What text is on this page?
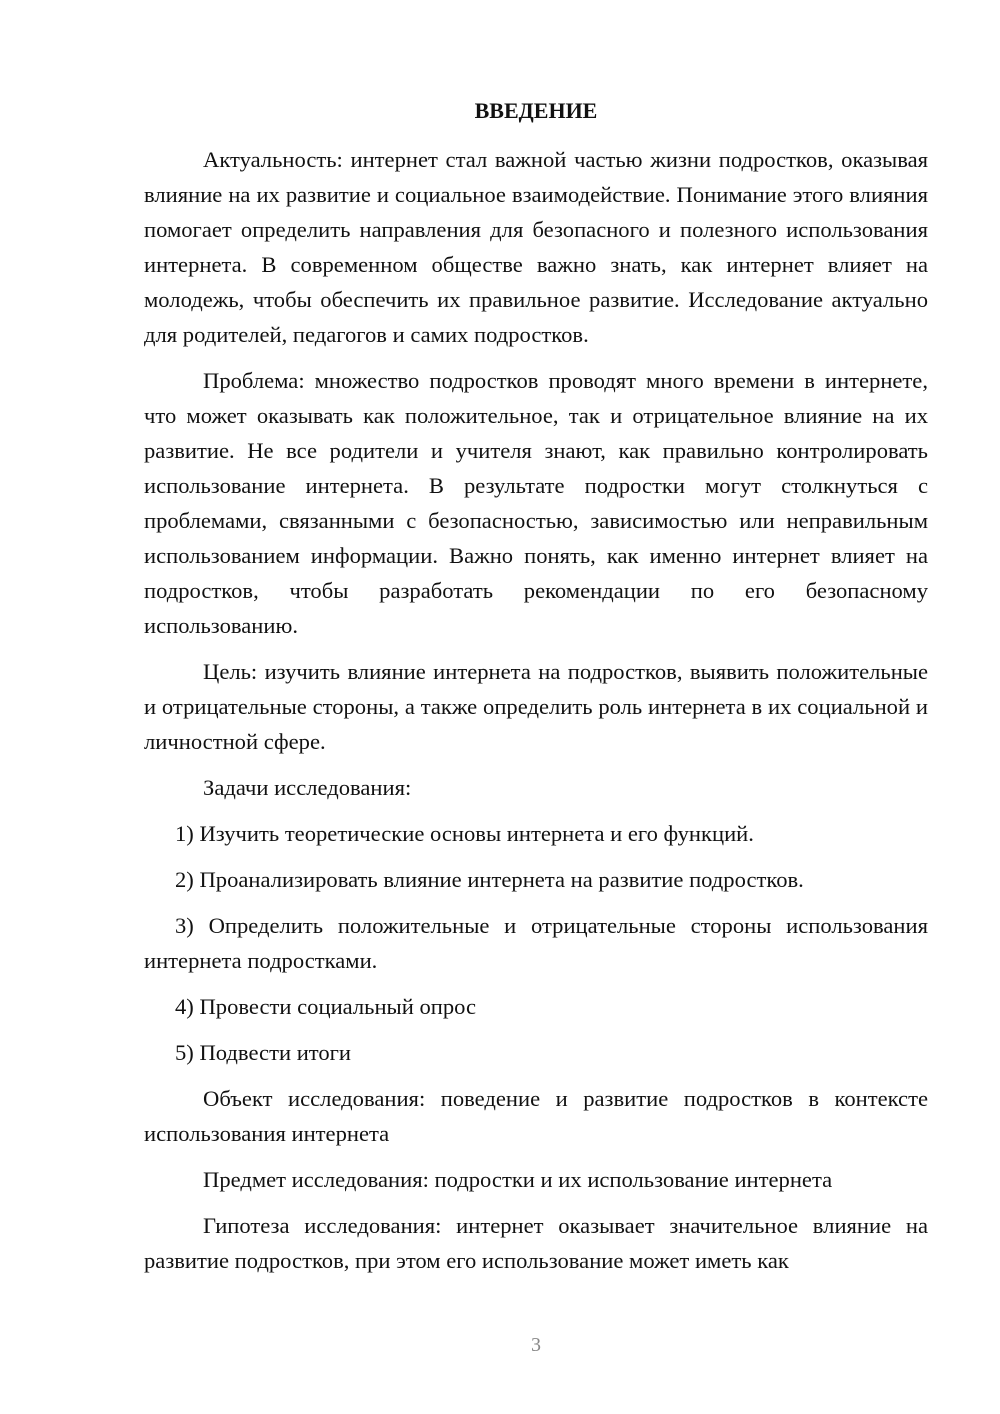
ВВЕДЕНИЕ

Актуальность: интернет стал важной частью жизни подростков, оказывая влияние на их развитие и социальное взаимодействие. Понимание этого влияния помогает определить направления для безопасного и полезного использования интернета. В современном обществе важно знать, как интернет влияет на молодежь, чтобы обеспечить их правильное развитие. Исследование актуально для родителей, педагогов и самих подростков.

Проблема: множество подростков проводят много времени в интернете, что может оказывать как положительное, так и отрицательное влияние на их развитие. Не все родители и учителя знают, как правильно контролировать использование интернета. В результате подростки могут столкнуться с проблемами, связанными с безопасностью, зависимостью или неправильным использованием информации. Важно понять, как именно интернет влияет на подростков, чтобы разработать рекомендации по его безопасному использованию.

Цель: изучить влияние интернета на подростков, выявить положительные и отрицательные стороны, а также определить роль интернета в их социальной и личностной сфере.

Задачи исследования:

1) Изучить теоретические основы интернета и его функций.

2) Проанализировать влияние интернета на развитие подростков.

3) Определить положительные и отрицательные стороны использования интернета подростками.

4) Провести социальный опрос

5) Подвести итоги

Объект исследования: поведение и развитие подростков в контексте использования интернета

Предмет исследования: подростки и их использование интернета

Гипотеза исследования: интернет оказывает значительное влияние на развитие подростков, при этом его использование может иметь как

3
